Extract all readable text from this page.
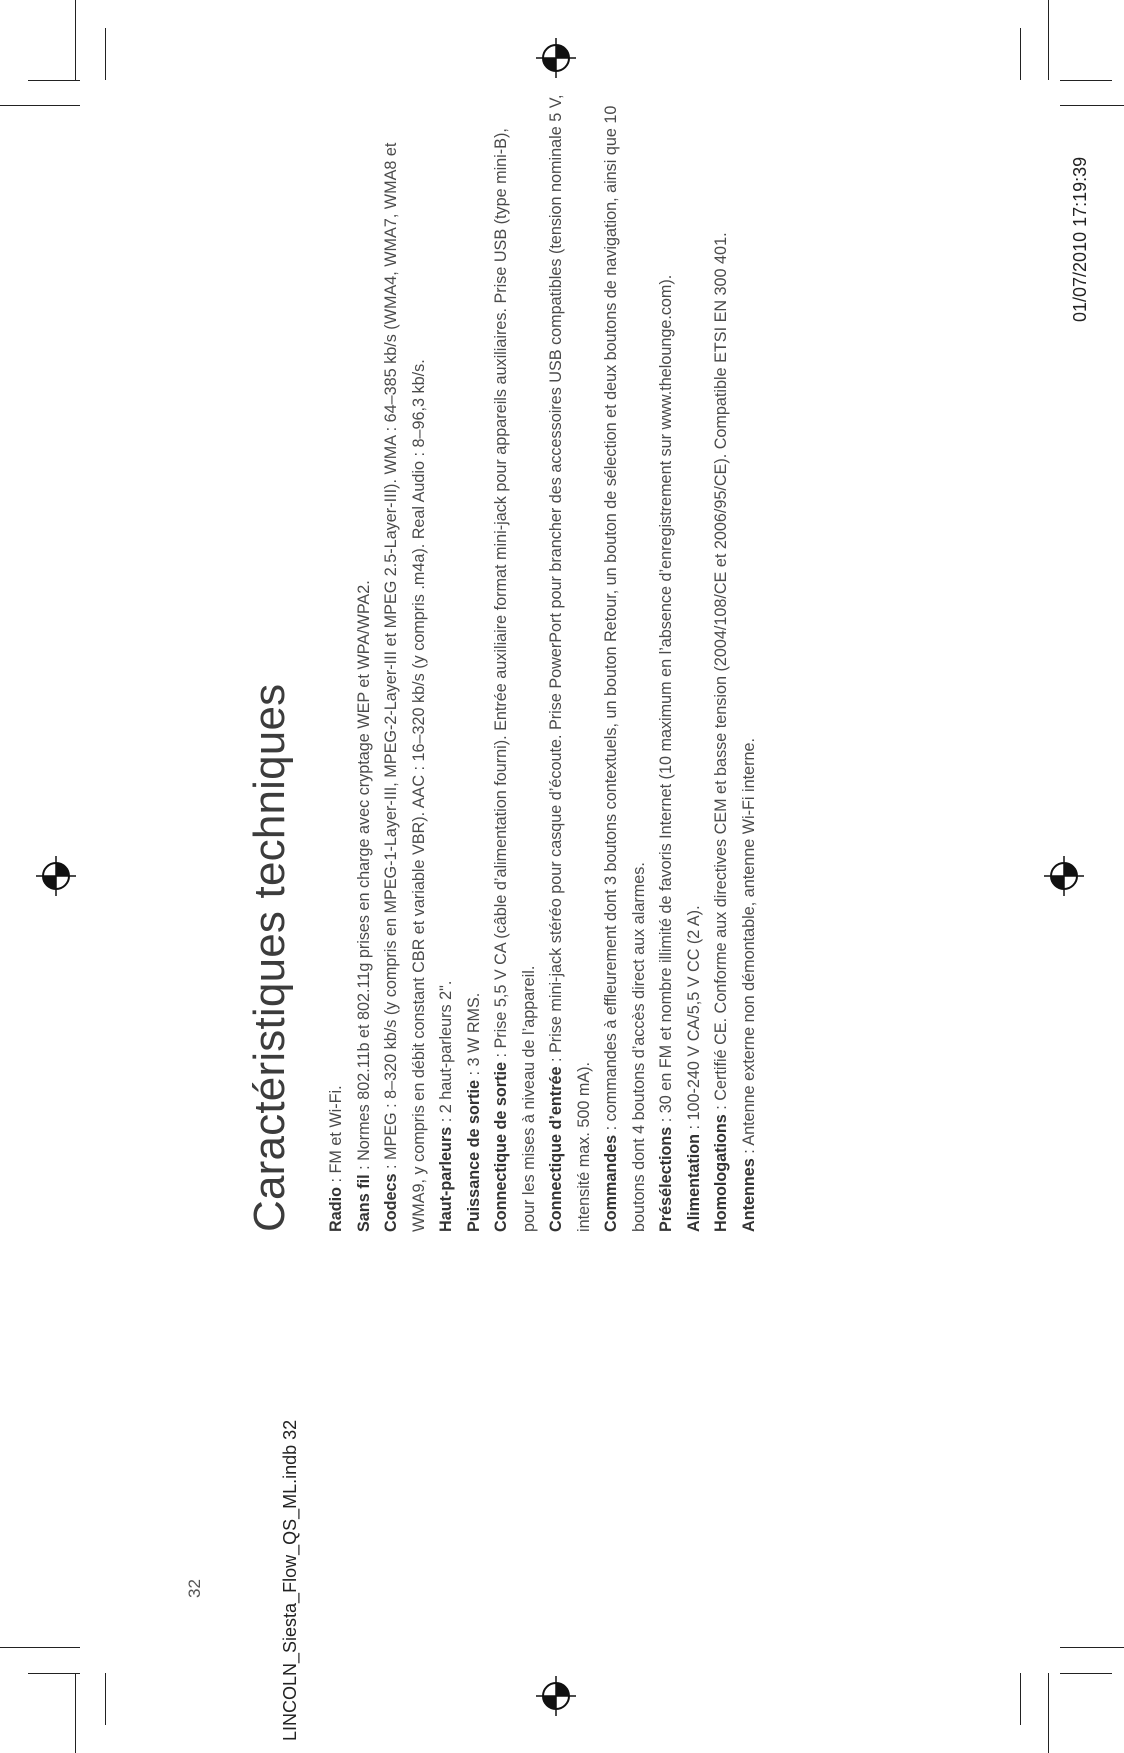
Caractéristiques techniques Radio : FM et Wi-Fi.

Sans fil : Normes 802.11b et 802.11g prises en charge avec cryptage WEP et WPA/WPA2.

Codecs : MPEG : 8–320 kb/s (y compris en MPEG-1-Layer-III, MPEG-2-Layer-III et MPEG 2.5-Layer-III). WMA : 64–385 kb/s (WMA4, WMA7, WMA8 et WMA9, y compris en débit constant CBR et variable VBR). AAC : 16–320 kb/s (y compris .m4a). Real Audio : 8–96,3 kb/s. Haut-parleurs : 2 haut-parleurs 2".

Puissance de sortie : 3 W RMS.

Connectique de sortie : Prise 5,5 V CA (câble d’alimentation fourni). Entrée auxiliaire format mini-jack pour appareils auxiliaires. Prise USB (type mini-B), pour les mises à niveau de l’appareil. Connectique d’entrée : Prise mini-jack stéréo pour casque d’écoute. Prise PowerPort pour brancher des accessoires USB compatibles (tension nominale 5 V, intensité max. 500 mA). Commandes : commandes à effleurement dont 3 boutons contextuels, un bouton Retour, un bouton de sélection et deux boutons de navigation, ainsi que 10 boutons dont 4 boutons d’accès direct aux alarmes. Présélections : 30 en FM et nombre illimité de favoris Internet (10 maximum en l’absence d’enregistrement sur www.thelounge.com).

Alimentation : 100-240 V CA/5,5 V CC (2 A).

Homologations : Certifié CE. Conforme aux directives CEM et basse tension (2004/108/CE et 2006/95/CE). Compatible ETSI EN 300 401.

Antennes : Antenne externe non démontable, antenne Wi-Fi interne.

32	LINCOLN_Siesta_Flow_QS_ML.indb 32
01/07/2010 17:19:39
